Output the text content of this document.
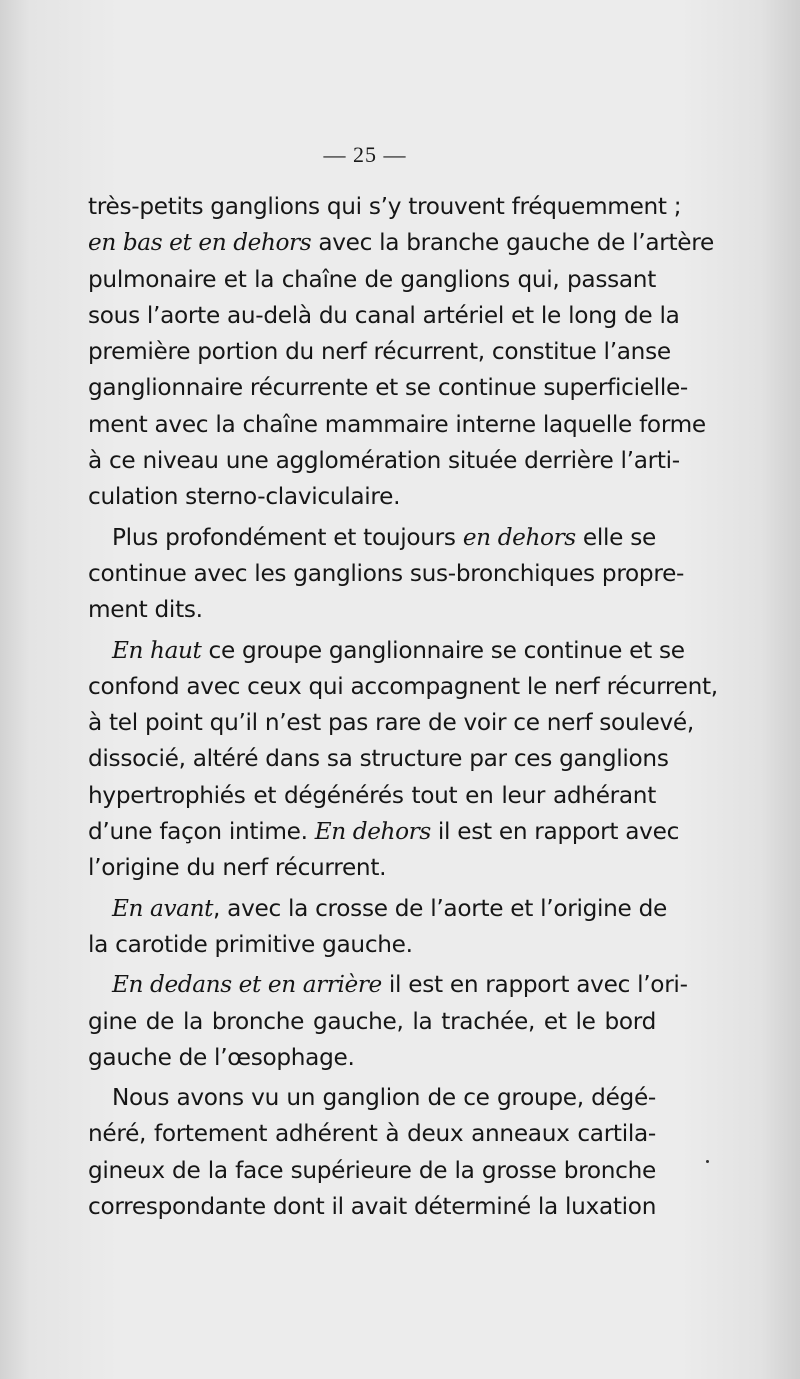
— 25 —
très-petits ganglions qui s’y trouvent fréquemment ;
en bas et en dehors avec la branche gauche de l’artère
pulmonaire et la chaîne de ganglions qui, passant
sous l’aorte au-delà du canal artériel et le long de la
première portion du nerf récurrent, constitue l’anse
ganglionnaire récurrente et se continue superficielle-
ment avec la chaîne mammaire interne laquelle forme
à ce niveau une agglomération située derrière l’arti-
culation sterno-claviculaire.
Plus profondément et toujours en dehors elle se
continue avec les ganglions sus-bronchiques propre-
ment dits.
En haut ce groupe ganglionnaire se continue et se
confond avec ceux qui accompagnent le nerf récurrent,
à tel point qu’il n’est pas rare de voir ce nerf soulevé,
dissocié, altéré dans sa structure par ces ganglions
hypertrophiés et dégénérés tout en leur adhérant
d’une façon intime. En dehors il est en rapport avec
l’origine du nerf récurrent.
En avant, avec la crosse de l’aorte et l’origine de
la carotide primitive gauche.
En dedans et en arrière il est en rapport avec l’ori-
gine de la bronche gauche, la trachée, et le bord
gauche de l’œsophage.
Nous avons vu un ganglion de ce groupe, dégé-
néré, fortement adhérent à deux anneaux cartila-
gineux de la face supérieure de la grosse bronche
correspondante dont il avait déterminé la luxation
